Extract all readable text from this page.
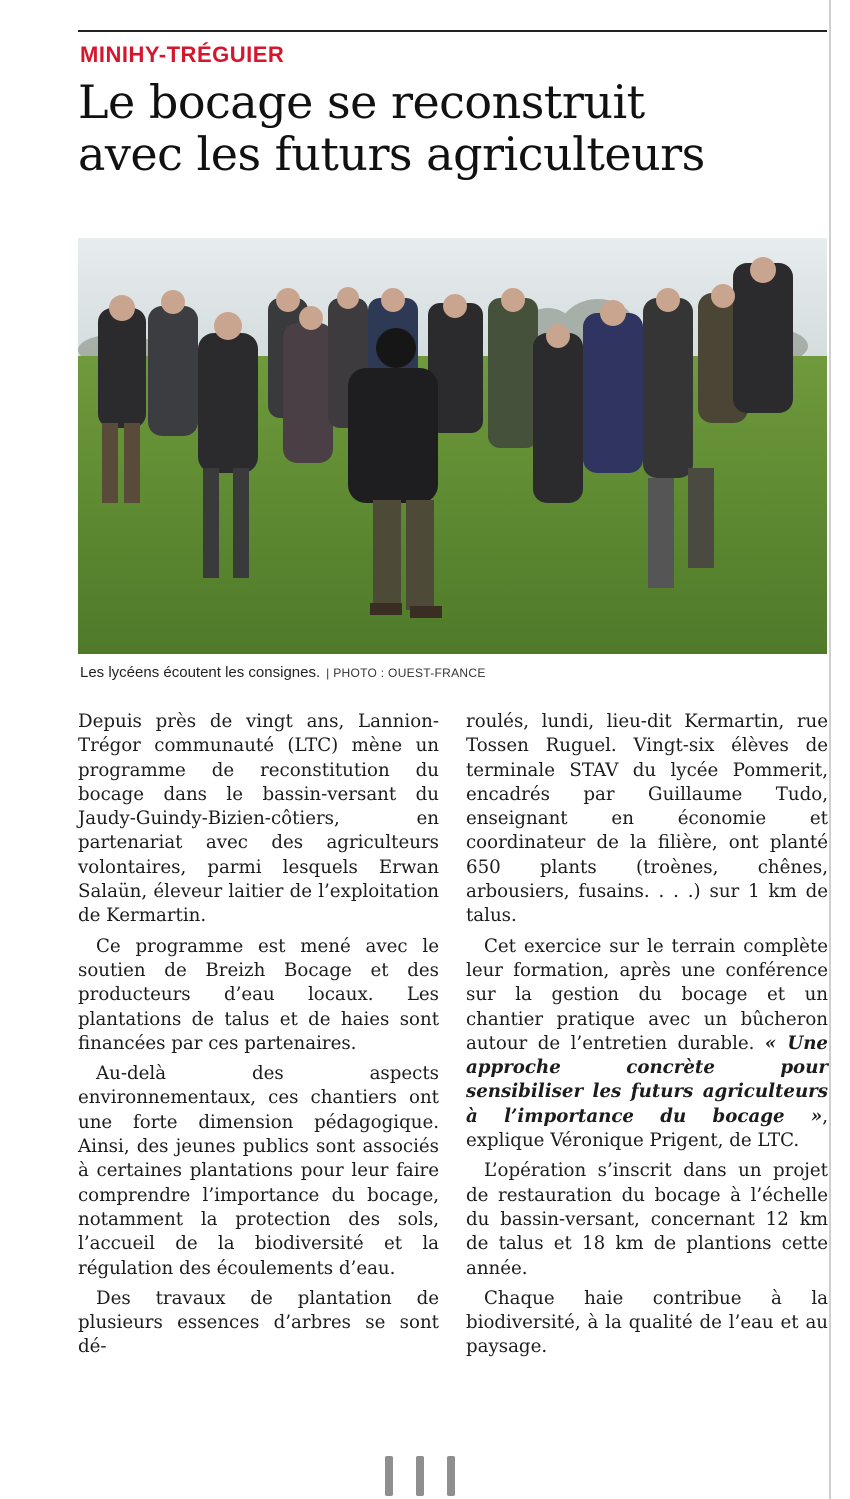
MINIHY-TRÉGUIER
Le bocage se reconstruit
avec les futurs agriculteurs
Les lycéens écoutent les consignes. | PHOTO : OUEST-FRANCE

Depuis près de vingt ans, Lannion-Trégor communauté (LTC) mène un programme de reconstitution du bocage dans le bassin-versant du Jaudy-Guindy-Bizien-côtiers, en partenariat avec des agriculteurs volontaires, parmi lesquels Erwan Salaün, éleveur laitier de l’exploitation de Kermartin.

Ce programme est mené avec le soutien de Breizh Bocage et des producteurs d’eau locaux. Les plantations de talus et de haies sont financées par ces partenaires.

Au-delà des aspects environnementaux, ces chantiers ont une forte dimension pédagogique. Ainsi, des jeunes publics sont associés à certaines plantations pour leur faire comprendre l’importance du bocage, notamment la protection des sols, l’accueil de la biodiversité et la régulation des écoulements d’eau.

Des travaux de plantation de plusieurs essences d’arbres se sont dé-

roulés, lundi, lieu-dit Kermartin, rue Tossen Ruguel. Vingt-six élèves de terminale STAV du lycée Pommerit, encadrés par Guillaume Tudo, enseignant en économie et coordinateur de la filière, ont planté 650 plants (troènes, chênes, arbousiers, fusains. . . .) sur 1 km de talus.

Cet exercice sur le terrain complète leur formation, après une conférence sur la gestion du bocage et un chantier pratique avec un bûcheron autour de l’entretien durable. « Une approche concrète pour sensibiliser les futurs agriculteurs à l’importance du bocage », explique Véronique Prigent, de LTC.

L’opération s’inscrit dans un projet de restauration du bocage à l’échelle du bassin-versant, concernant 12 km de talus et 18 km de plantions cette année.

Chaque haie contribue à la biodiversité, à la qualité de l’eau et au paysage.
